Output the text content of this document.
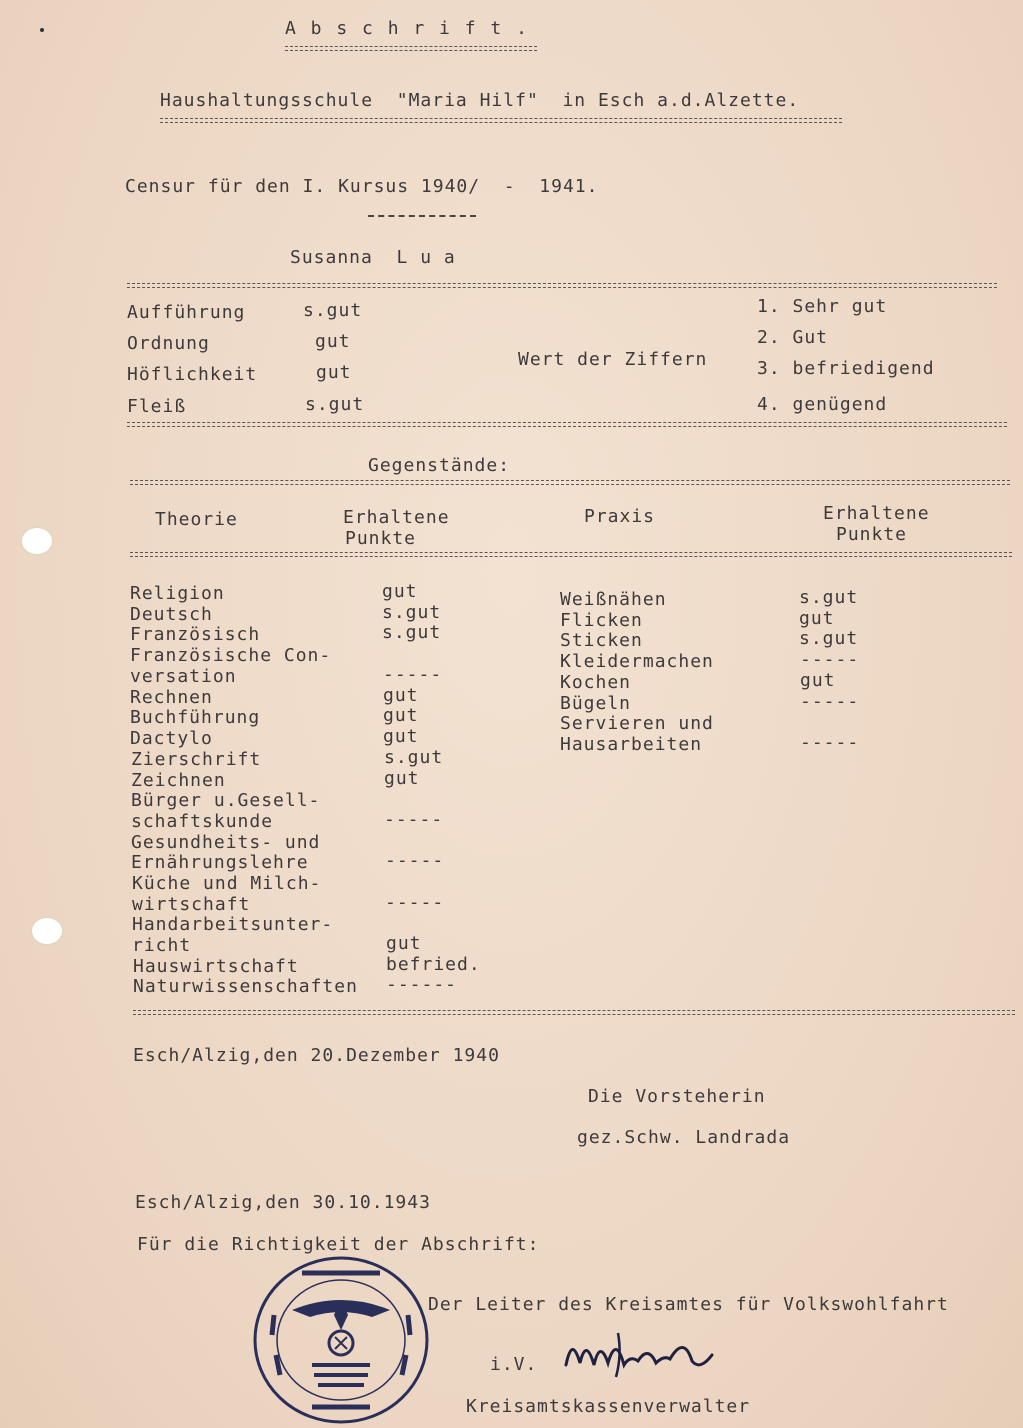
A b s c h r i f t .
Haushaltungsschule  "Maria Hilf"  in Esch a.d.Alzette.
Censur für den I. Kursus 1940/  -  1941.
Susanna  L u a
Aufführung	s.gut
Ordnung	gut
Höflichkeit	gut
Fleiß	s.gut
Wert der Ziffern
1. Sehr gut
2. Gut
3. befriedigend
4. genügend
Gegenstände:
Theorie	Erhaltene
Punkte
Praxis	Erhaltene
Punkte
Religion	gut
Deutsch	s.gut
Französisch	s.gut
Französische Con-
versation	-----
Rechnen	gut
Buchführung	gut
Dactylo	gut
Zierschrift	s.gut
Zeichnen	gut
Bürger u.Gesell-
schaftskunde	-----
Gesundheits- und
Ernährungslehre	-----
Küche und Milch-
wirtschaft	-----
Handarbeitsunter-
richt	gut
Hauswirtschaft	befried.
Naturwissenschaften ------
Weißnähen	s.gut
Flicken	gut
Sticken	s.gut
Kleidermachen	-----
Kochen	gut
Bügeln	-----
Servieren und
Hausarbeiten	-----
Esch/Alzig,den 20.Dezember 1940
Die Vorsteherin
gez.Schw. Landrada
Esch/Alzig,den 30.10.1943
Für die Richtigkeit der Abschrift:
Der Leiter des Kreisamtes für Volkswohlfahrt
i.V.
Kreisamtskassenverwalter
